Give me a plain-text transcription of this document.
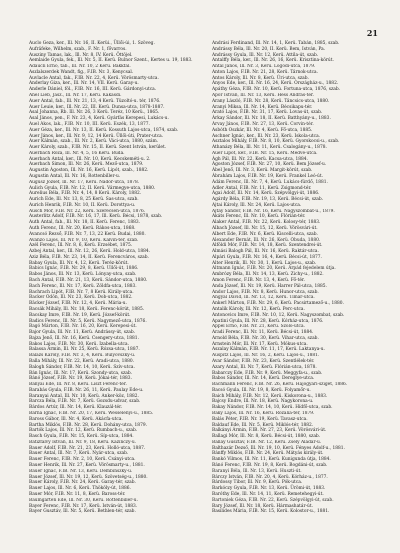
21

Auclo Geza, ker., Ill. Nr. 16, II. Kerüi., Üllői-úi, 1. Szöveg.

Aufräfeke, Wilhelm, szab., F. Nr. 1, fővarros.

Ausziny Tamas, lak., Ill. Nr. 8, IV. Kerü. Öttöjel.

Aemlaide Gyula, fek., Ill. Nr. 5, II. Kerü. Bulnor Szent., Kertes u. 19, 1883.

Adaucli Ernő, tab., Ill. Nr. 10, 2 Kerü. Bákkfal.

Aszlalszerdek Wandt, fig., F.IB. Nr. 3, Kenycsal.

Auvlacle Antal, fak., F.IB. Nr. 22, 4, Kerü. Vörösmarty-utca.

Anderlay Giza, ker., Ill. Nr. 14, VII. Kerü. Garay-u.

Anderle Dániel, föl., F.IB. Nr. 16, III. Kerü. Gárdonyi-utca.

Anel Lieb, Jasz., Ill. Nr. 17, Kerü. Kakasdi.

Auer Antal, fab., Ill. Nr. 21, 13, 4 Kerü. Tüzoltó-u. tér, 1876.

Auer Leuie, ker., Ill. Nr. 22, III. Kerü. Dunsa-utca, 1878-1887.

Asal Johanna, Rb. Ill. Nr. 26, 3 Kerü. Teréz, 10 Kerü., 1865.

Asal János, pen., F. Nr. 23, 4, Kerü. Gyárfás Kerepesi, Lukács-u.

Auel Ákos, lak., F.IB. Nr. 10, III. Kerü. Eszék, 13, 1877.

Auer Géza, ker., Ill. Nr. 13, II. Kerü. Kossuth Lajos-utca, 1874, szab.

Auer János, ker., Ill. Nr. 9, 12, 14 Kerü. Üllői-úti, Prater-utca.

Auer Kálmán, szab., Ill. Nr. 2, Kerü. Váci-utca, 1880, szám.

Auer Károly, szab., F.IB. Nr. 15, II. Kerü. Szent István, kerület.

Auerbach Róza, Ill. Nr. 4, 5, 16 Kerü. Buda.

Auerbach Antal, ker., Ill. Nr. 10, Kerü. Kecskeméti-u. 2.

Auerbach Simon, Ill. Nr. 26, Kerü. Mező-utca, 1879.

Augustin Ágoston, Ill. Nr. 16, Kerü. Lipót, szab., 1882.

Augustin Antal, Ill. Nr. 16, Rottenbiller-u.

Augusz József, Ill. Nr. 17, Kerü. Nádor-utca, 1878.

Aulich Gyula, F.IB. Nr. 12, II. Kerü. Vármegye-utca, 1880.

Aurelius Béla, F.IB. Nr. 4, 14, 8 Kerü. Károly, 1882.

Aurich Ede, Ill. Nr. 13, 8, 25 Kerü. Sas-utca, szab.

Aurich Henrik, F.IB. Nr. 10, II. Kerü. Dorottya-u.

Ausch Mór, F.IB. Nr. 22, Kerü. Szerecsen-utca, 1876.

Austerlitz Adolf, F.IB. Nr. 16, 17, Ill. Kerü. Bécsi, 1878, szab.

Auth Antal, fab., Ill. Nr. 18, II. Kerü. Ferenc, 1883.

Auth Ferenc, Ill. Nr. 20, Kerü. Rákos-utca, 1868.

Avancsó Rezső, F.IB. Nr. 7, 13, 22 Kerü. Budai, 1880.

Avanzo Lajos, Ill. Nr. 9, 10, Kerü. Kálvin-tér, szab.

Azél Ferenc, Ill. Nr. 8, 6, Kerü. Erzsébet, 1875.

Azbej Antal, ker., Ill. Nr. 12, 26, Kerü. Hold-utca, 1884.

Aziz Béla, F.IB. Nr. 23, 14, II. Kerü. Ferencváros, szab.

Babay Gyula, Ill. Nr. 4, 12, Kerü. Teréz-körút.

Babics Ignác, F.IB. Nr. 29, 8, Kerü. Üllői-út, 1886.

Babos János, Ill. Nr. 13, Kerü. Lónyay-utca, szab.

Bach Antal, F.IB. Nr. 21, 13, Kerü. Sándor-utca, 1880.

Bach Ferenc, Ill. Nr. 17, Kerü. Zöldfa-utca, 1883.

Bachrach Lipót, F.IB. Nr. 7, 8 Kerü. Király-utca.

Backer Ödön, Ill. Nr. 23, Kerü. Dob-utca, 1882.

Bäcker József, F.IB. Nr. 12, 4, Kerü. Mária-u.

Bacsák Mihály, Ill. Nr. 18, Kerü. Ferenc-körút, 1885.

Bacskay Imre, F.IB. Nr. 19, Kerü. József-körút.

Badics Ferenc, Ill. Nr. 5, Kerü. Nagymező-utca, 1876.

Bagó Márton, F.IB. Nr. 16, 20, Kerü. Kerepesi-út.

Bajor Gyula, Ill. Nr. 11, Kerü. Andrássy-út, szab.

Bajza Jenő, Ill. Nr. 16, Kerü. Csengery-utca, 1881.

Bakos Lajos, F.IB. Nr. 30, Kerü. Izabella-utca.

Balassa Ármin, Ill. Nr. 25, Kerü. Rózsa-utca, 1887.

Balázs Károly, F.IB. Nr. 3, 4, Kerü. Bulyovszky-u.

Balla Mihály, Ill. Nr. 22, Kerü. Aradi-utca, 1880.

Balogh Sándor, F.IB. Nr. 14, 10, Kerü. Szív-utca.

Bán Ignác, Ill. Nr. 17, Kerü. Szondy-utca, szab.

Bánó József, F.IB. Nr. 19, Kerü. Jókai-tér, 1883.

Bányai Ede, Ill. Nr. 8, Kerü. Liszt Ferenc-tér.

Barabás Gyula, F.IB. Nr. 26, 11, Kerü. Paulay Ede-u.

Baranyai Antal, Ill. Nr. 10, Kerü. Anker-köz, 1882.

Barcza Béla, F.IB. Nr. 7, Kerü. Gozsdu-udvar, szab.

Bárdos Artúr, Ill. Nr. 14, Kerü. Klauzál-tér.

Barna Ignác, F.IB. Nr. 20, 17, Kerü. Wesselényi-u., 1885.

Baross Gábor, Ill. Nr. 4, Kerü. Akácfa-utca.

Bartha Miklós, F.IB. Nr. 28, Kerü. Dohány-utca, 1879.

Bartók Lajos, Ill. Nr. 12, Kerü. Rumbach-u., szab.

Basch Gyula, F.IB. Nr. 15, Kerü. Síp-utca, 1884.

Batizfalvy István, Ill. Nr. 9, 18, Kerü. Kazinczy-u.

Bauer Adolf, F.IB. Nr. 21, 23, Kerü. Holló-utca, 1887.

Bauer Antal, Ill. Nr. 7, Kerü. Nyár-utca, szab.

Bauer Ferenc, F.IB. Nr. 2, 10, Kerü. Csányi-utca.

Bauer Henrik, Ill. Nr. 27, Kerü. Vörösmarty-u., 1881.

Bauer Ignác, F.IB. Nr. 13, Kerü. Dembinszky-u.

Bauer József, Ill. Nr. 19, 12, Kerü. Szövetség-u., 1880.

Bauer Károly, F.IB. Nr. 24, Kerü. Garay-tér, szab.

Bauer Lajos, Ill. Nr. 6, Kerü. Thököly-út, 1886.

Bauer Mór, F.IB. Nr. 11, 8, Kerü. Baross-tér.

Baumgarten Ede, Ill. Nr. 30, Kerü. Rottenbiller-u.

Bayer Ferenc, F.IB. Nr. 17, Kerü. István-út, 1883.

Bayer Gusztáv, Ill. Nr. 5, Kerü. Bethlen-tér, szab.

Andrási Ferdinand, Ill. Nr. 14, 1, Kerü. Tabán, 1885, szab.

Andrássy Béla, Ill. Nr. 20, II. Kerü. Bem, István, Pa.

Andrássy Gyula, Ill. Nr. 12, Kerü. Attila-út, szab.

Antalffy Béla, ker., Ill. Nr. 26, 16, Kerü. Krisztina-körút.

Antal János, Ill. Nr. 3, Kerü. Logodi-utca, 1879.

Anton Lajos, F.IB. Nr. 21, 28, Kerü. Tárnok-utca.

Antos Károly, Ill. Nr. 8, Kerü. Úri-utca, szab.

Ányos Ede, ker., Ill. Nr. 16, 24, Kerü. Országház-u., 1882.

Apáthy Géza, F.IB. Nr. 10, Kerü. Fortuna-utca, 1876, szab.

Apor István, Ill. Nr. 13, Kerü. Hess András-tér.

Arany László, F.IB. Nr. 28, Kerü. Táncsics-utca, 1880.

Aranyi Miksa, Ill. Nr. 14, Kerü. Bécsikapu-tér.

Arató Lajos, F.IB. Nr. 31, 17, Kerü. Lovas-út, szab.

Árkay Sándor, Ill. Nr. 18, II. Kerü. Batthyány-u., 1883.

Árvay János, F.IB. Nr. 27, 13, Kerü. Corvin-tér.

Asbóth Oszkár, Ill. Nr. 4, Kerü. Fő-utca, 1885.

Aschner Ignác, ker., Ill. Nr. 23, Kerü. Iskola-utca.

Asztalos Mihály, F.IB. Nr. 8, 10, Kerü. Gyorskocsi-u., szab.

Athanázy Béla, Ill. Nr. 11, Kerü. Csalogány-u., 1878.

Auer Lipót, ker., F.IB. Nr. 15, Kerü. Medve-utca.

Ágh Pál, Ill. Nr. 22, Kerü. Kacsa-utca, 1884.

Ágoston József, F.IB. Nr. 27, 10, Kerü. Bem József-u.

Ábel Jenő, Ill. Nr. 3, Kerü. Margit-körút, szab.

Ábrahám Lajos, F.IB. Nr. 19, Kerü. Frankel Leó-út.

Ádám Ferenc, Ill. Nr. 7, 4, Kerü. Lukács-fürdő, 1881.

Adler Antal, F.IB. Nr. 11, Kerü. Zsigmond-tér.

Ágai Adolf, Ill. Nr. 14, Kerü. Szépvölgyi-út, 1886.

Agárdy Béla, F.IB. Nr. 19, 13, Kerü. Bécsi-út, szab.

Ajtai Károly, Ill. Nr. 24, Kerü. Lajos-utca.

Ajtay Sándor, F.IB. Nr. 16, Kerü. Nagyszombat-u., 1879.

Akáts Ferenc, Ill. Nr. 10, Kerü. Flórián-tér.

Alaker Antal, F.IB. Nr. 22, Kerü. Kolosy-tér, 1883.

Albach József, Ill. Nr. 15, 12, Kerü. Vörösvári-út.

Albert Ede, F.IB. Nr. 6, Kerü. Kiscelli-utca, szab.

Alexander Bernát, Ill. Nr. 26, Kerü. Óbuda, 1880.

Alföldi Mór, F.IB. Nr. 14, 18, Kerü. Szentendrei-út.

Almási Balogh Pál, Ill. Nr. 16, Kerü. Raktár-utca.

Alpári Gyula, F.IB. Nr. 16, 4, Kerü. Bécsi-út, 1877.

Alter Henrik, Ill. Nr. 30, 1, Kerü. Lajos-u., szab.

Altmann Ignác, F.IB. Nr. 20, Kerü. Árpád fejedelem útja.

Ambrózy Béla, Ill. Nr. 14, 13, Kerü. Zichy-u., 1882.

Amon Ferenc, F.IB. Nr. 13, 4, Kerü. Fő-tér.

Anda József, Ill. Nr. 19, Kerü. Harrer Pál-utca, 1885.

Andor Lajos, F.IB. Nr. 8, Kerü. Hunor-utca, szab.

Angyal Dávid, Ill. Nr. 13, 12, Kerü. Tímár-utca.

Ankerl Márton, F.IB. Nr. 29, 6, Kerü. Pacsirtamező-u., 1880.

Antalik Károly, Ill. Nr. 12, Kerü. Perc-utca.

Antonovics Imre, F.IB. Nr. 10, 12, Kerü. Nagyszombat, szab.

Apatini Gyula, Ill. Nr. 28, Kerü. Kórház-utca, 1876.

Appel Ernő, F.IB. Nr. 21, Kerü. Szőlő-utca.

Aradi Ferenc, Ill. Nr. 11, Kerü. Bécsi-út, 1884.

Arnold Béla, F.IB. Nr. 30, Kerü. Vihar-utca, szab.

Arnstein Mór, Ill. Nr. 17, Kerü. Mókus-utca.

Aszalay Kálmán, F.IB. Nr. 11, 17, Kerü. Laktanya-u.

Auspitz Lajos, Ill. Nr. 16, 2, Kerü. Lajos-u., 1881.

Avar Sándor, F.IB. Nr. 23, Kerü. Szentlélek-tér.

Azary Antal, Ill. Nr. 7, Kerü. Flórián-utca, 1878.

Babarczy Ede, F.IB. Nr. 9, Kerü. Meggyfa-u., szab.

Babos Sándor, Ill. Nr. 14, Kerü. Dereglye-utca.

Bachmann Ferenc, F.IB. Nr. 26, Kerü. Hajógyári-sziget, 1886.

Bacsó Gyula, Ill. Nr. 19, 8, Kerü. Folyamőr-u.

Baich Mihály, F.IB. Nr. 12, Kerü. Kiskorona-u., 1883.

Bajcsy Endre, Ill. Nr. 18, Kerü. Nagykorona-u.

Bakay Nándor, F.IB. Nr. 14, 10, Kerü. Hídfő-utca, szab.

Baky Lajos, Ill. Nr. 16, Kerü. Rozália-tér, 1879.

Balás Péter, F.IB. Nr. 19, Kerü. Tavasz-utca.

Baldauf Ede, Ill. Nr. 5, Kerü. Miklós-tér, 1882.

Balkányi Ármin, F.IB. Nr. 27, 23, Kerü. Vörösvári-út.

Ballagi Mór, Ill. Nr. 8, Kerü. Bécsi-út, 1880, szab.

Ballay Gusztáv, F.IB. Nr. 12, Kerü. Zsély Aladár-u.

Balthazár Dezső, Ill. Nr. 19, 10, Kerü. Fényes Adolf-u., 1881.

Bánffy Miklós, F.IB. Nr. 24, Kerü. Mátyás király-út.

Bankó Vilmos, Ill. Nr. 11, Kerü. Kunigunda útja, 1884.

Bánó Ferenc, F.IB. Nr. 19, 8, Kerü. Bogdáni-út, szab.

Baranyi Béla, Ill. Nr. 13, Kerü. Huszti-út.

Bárczy István, F.IB. Nr. 20, 4, Kerü. Kórház-u., 1877.

Bárdossy Tibor, Ill. Nr. 9, Kerü. Pók-utca.

Barkóczy Gyula, F.IB. Nr. 13, Kerü. Ürömi-út, 1883.

Baróthy Ede, Ill. Nr. 14, 11, Kerü. Remetehegyi-út.

Bartoniek Géza, F.IB. Nr. 22, Kerü. Szépvölgyi-út, szab.

Bary József, Ill. Nr. 18, Kerü. Hármashatár-út.

Basilides Mária, F.IB. Nr. 15, Kerü. Kolostor-u., 1881.
